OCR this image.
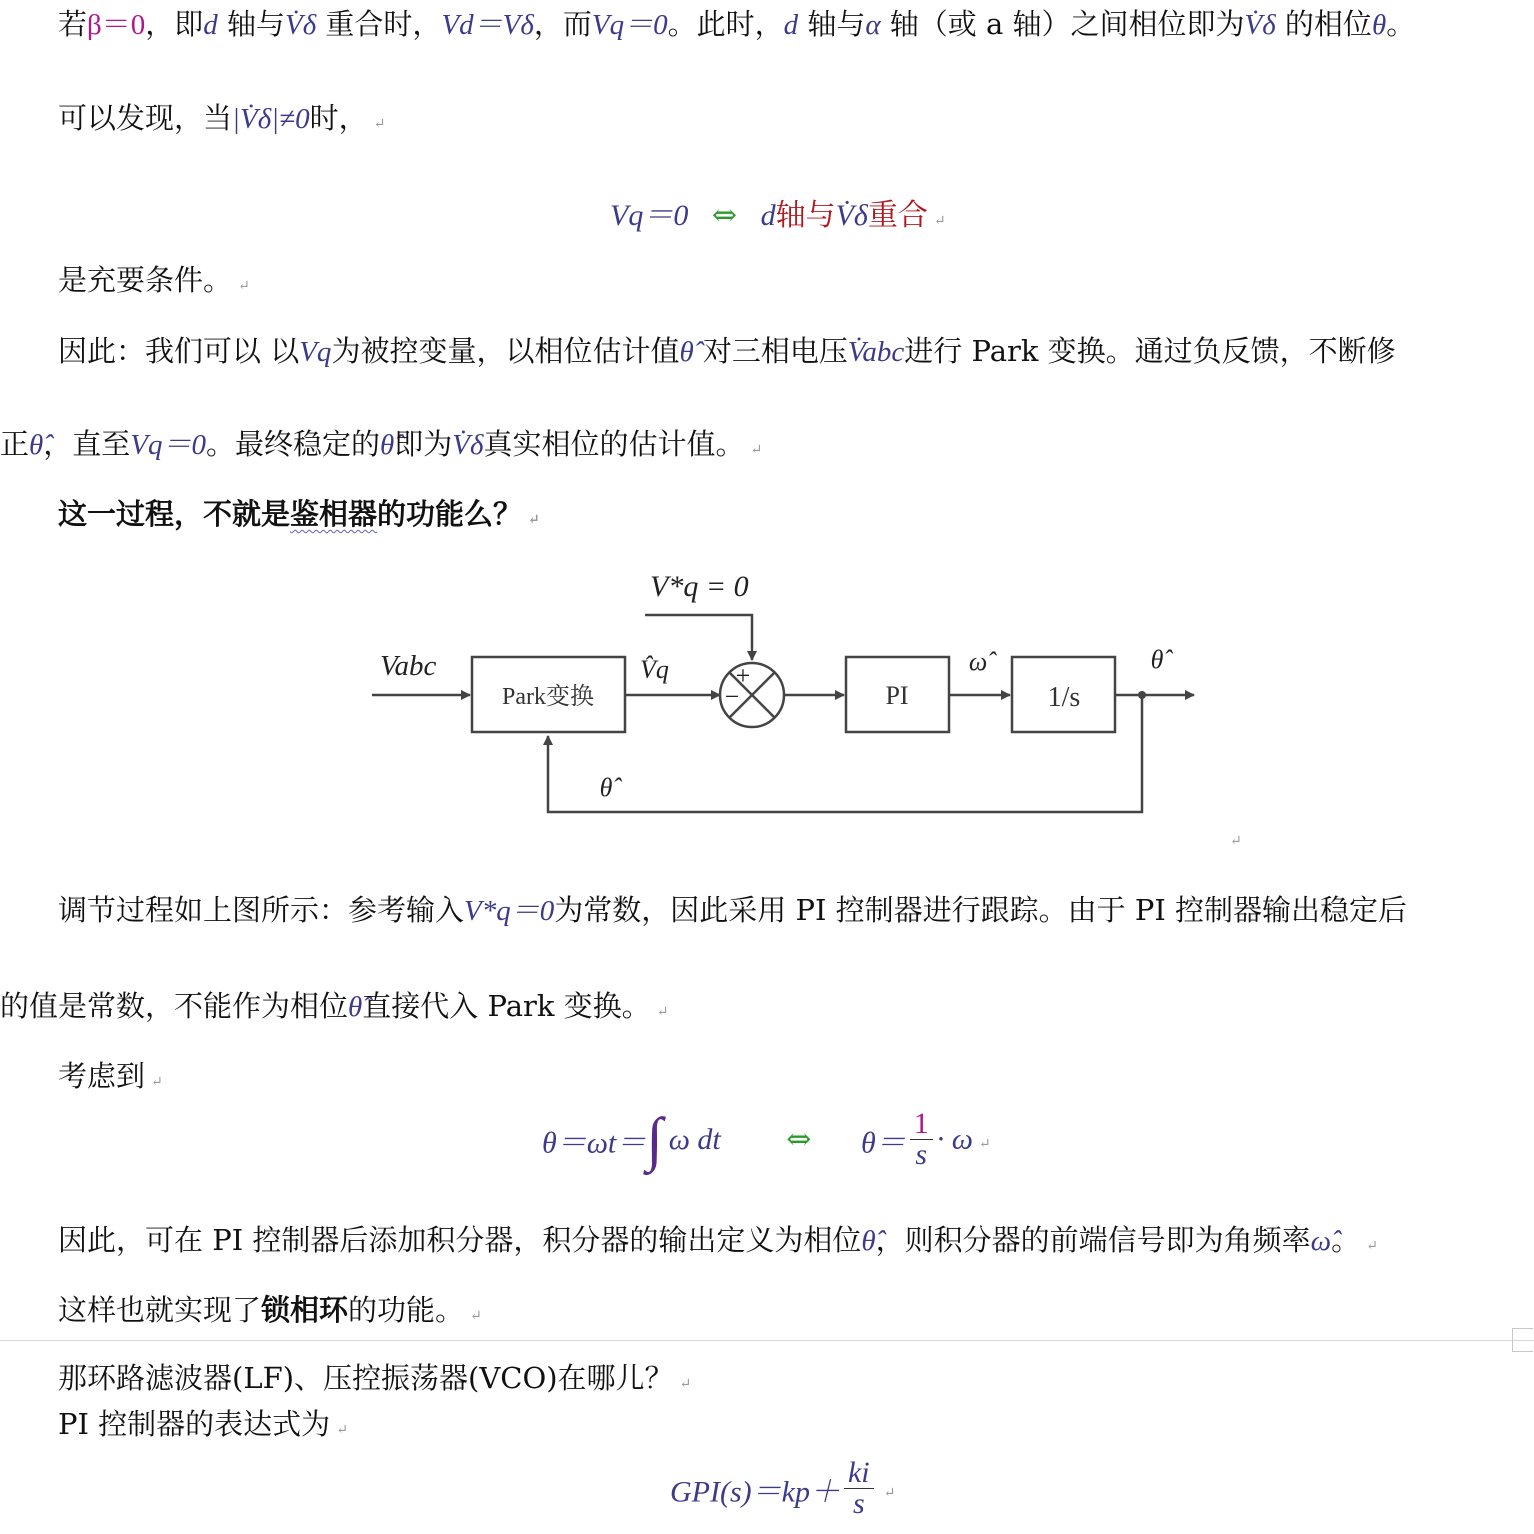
若β＝0，即d 轴与V̇δ 重合时，Vd＝Vδ，而Vq＝0。此时，d 轴与α 轴（或 a 轴）之间相位即为V̇δ 的相位θ。
可以发现，当|V̇δ|≠0时， ↵
Vq＝0 ⇔ d轴与V̇δ重合 ↵
是充要条件。 ↵
因此：我们可以 以Vq为被控变量，以相位估计值θ̂ 对三相电压V̇abc进行 Park 变换。通过负反馈，不断修
正θ̂，直至Vq＝0。最终稳定的θ̂即为V̇δ真实相位的估计值。 ↵
这一过程，不就是鉴相器的功能么？ ↵
V*q = 0
Vabc
Park变换
V̂q	+
−	PI
ω̂
1/s
θ̂
θ̂
↵
调节过程如上图所示：参考输入V*q＝0为常数，因此采用 PI 控制器进行跟踪。由于 PI 控制器输出稳定后
的值是常数，不能作为相位θ̂直接代入 Park 变换。 ↵
考虑到 ↵
θ＝ωt＝∫ ω dt ⇔ $\theta= \frac{1}{s} \cdot \omega$ ↵
因此，可在 PI 控制器后添加积分器，积分器的输出定义为相位θ̂，则积分器的前端信号即为角频率ω̂。 ↵
这样也就实现了锁相环的功能。 ↵
那环路滤波器(LF)、压控振荡器(VCO)在哪儿？ ↵
PI 控制器的表达式为 ↵
$GPI(s)=kp+ \frac{ki}{s}$ ↵
